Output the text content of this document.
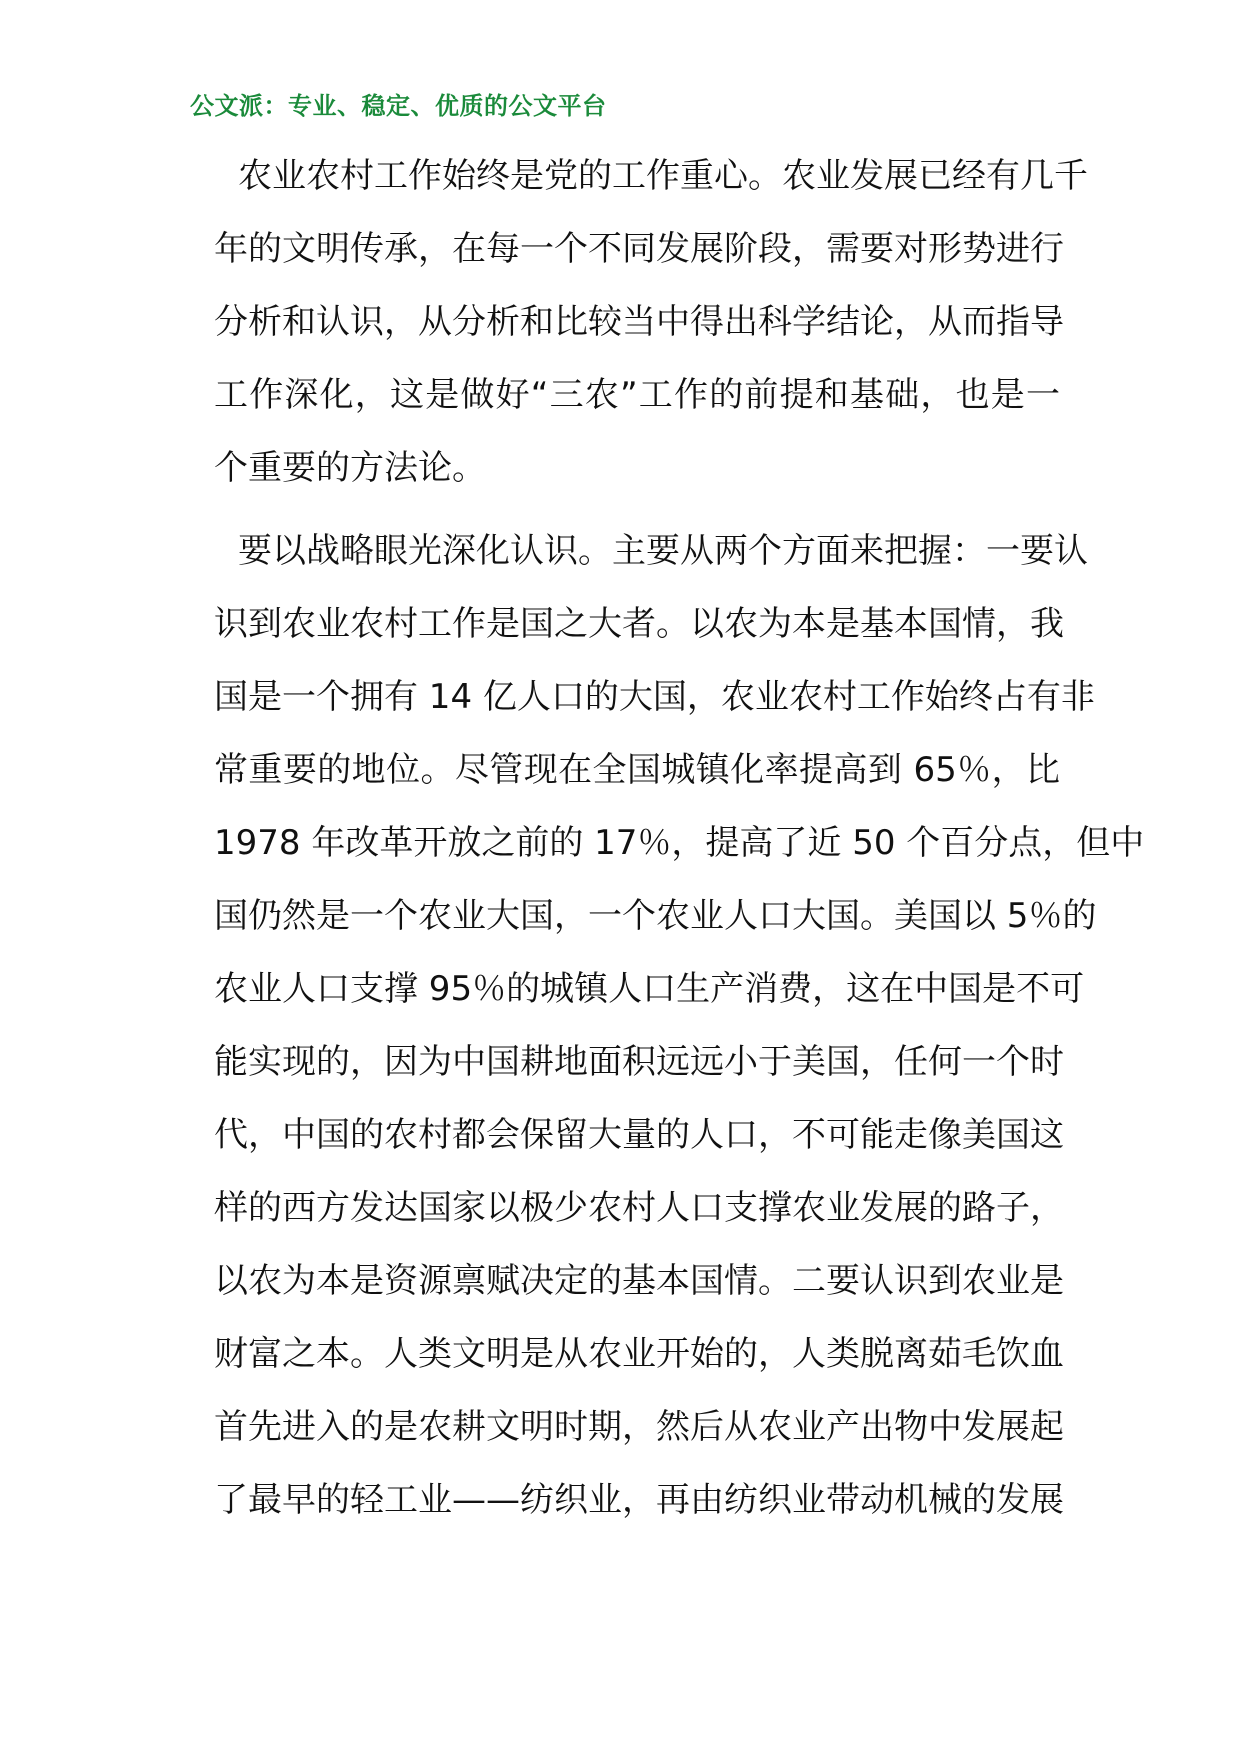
公文派：专业、稳定、优质的公文平台
农业农村工作始终是党的工作重心。农业发展已经有几千
年的文明传承，在每一个不同发展阶段，需要对形势进行
分析和认识，从分析和比较当中得出科学结论，从而指导
工作深化，这是做好“三农”工作的前提和基础，也是一
个重要的方法论。
要以战略眼光深化认识。主要从两个方面来把握：一要认
识到农业农村工作是国之大者。以农为本是基本国情，我
国是一个拥有 14 亿人口的大国，农业农村工作始终占有非
常重要的地位。尽管现在全国城镇化率提高到 65％，比
1978 年改革开放之前的 17％，提高了近 50 个百分点，但中
国仍然是一个农业大国，一个农业人口大国。美国以 5％的
农业人口支撑 95％的城镇人口生产消费，这在中国是不可
能实现的，因为中国耕地面积远远小于美国，任何一个时
代，中国的农村都会保留大量的人口，不可能走像美国这
样的西方发达国家以极少农村人口支撑农业发展的路子，
以农为本是资源禀赋决定的基本国情。二要认识到农业是
财富之本。人类文明是从农业开始的，人类脱离茹毛饮血
首先进入的是农耕文明时期，然后从农业产出物中发展起
了最早的轻工业——纺织业，再由纺织业带动机械的发展
